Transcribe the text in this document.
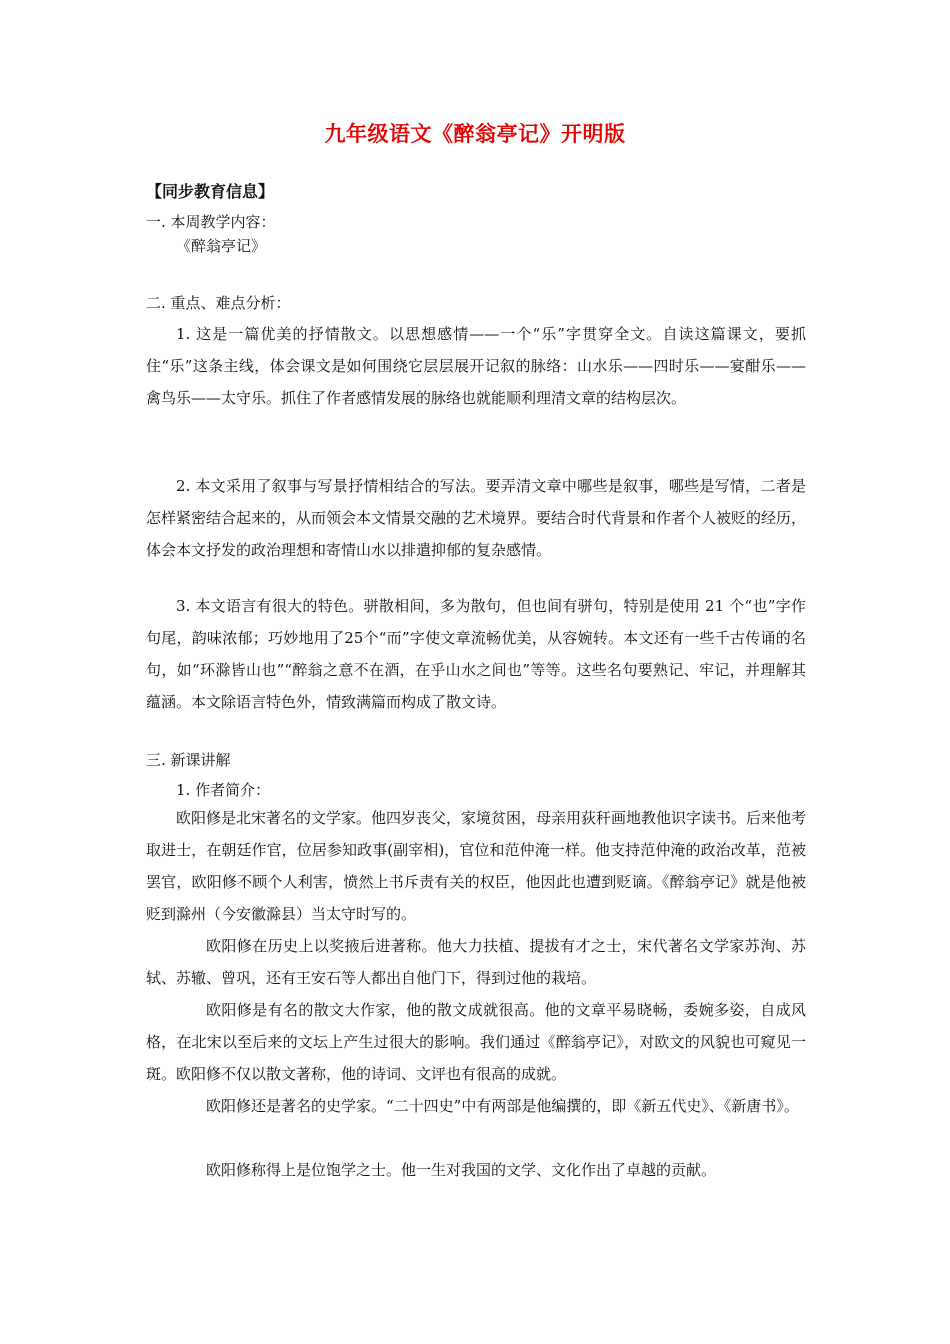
九年级语文《醉翁亭记》开明版
【同步教育信息】
一. 本周教学内容：
《醉翁亭记》
二. 重点、难点分析：
1. 这是一篇优美的抒情散文。以思想感情——一个“乐”字贯穿全文。自读这篇课文，要抓住“乐”这条主线，体会课文是如何围绕它层层展开记叙的脉络：山水乐——四时乐——宴酣乐——禽鸟乐——太守乐。抓住了作者感情发展的脉络也就能顺利理清文章的结构层次。
2. 本文采用了叙事与写景抒情相结合的写法。要弄清文章中哪些是叙事，哪些是写情，二者是怎样紧密结合起来的，从而领会本文情景交融的艺术境界。要结合时代背景和作者个人被贬的经历，体会本文抒发的政治理想和寄情山水以排遣抑郁的复杂感情。
3. 本文语言有很大的特色。骈散相间，多为散句，但也间有骈句，特别是使用 21 个“也”字作句尾，韵味浓郁；巧妙地用了25个“而”字使文章流畅优美，从容婉转。本文还有一些千古传诵的名句，如“环滁皆山也”“醉翁之意不在酒，在乎山水之间也”等等。这些名句要熟记、牢记，并理解其蕴涵。本文除语言特色外，情致满篇而构成了散文诗。
三. 新课讲解
1. 作者简介：
欧阳修是北宋著名的文学家。他四岁丧父，家境贫困，母亲用荻秆画地教他识字读书。后来他考取进士，在朝廷作官，位居参知政事(副宰相)，官位和范仲淹一样。他支持范仲淹的政治改革，范被罢官，欧阳修不顾个人利害，愤然上书斥责有关的权臣，他因此也遭到贬谪。《醉翁亭记》就是他被贬到滁州（今安徽滁县）当太守时写的。
欧阳修在历史上以奖掖后进著称。他大力扶植、提拔有才之士，宋代著名文学家苏洵、苏轼、苏辙、曾巩，还有王安石等人都出自他门下，得到过他的栽培。
欧阳修是有名的散文大作家，他的散文成就很高。他的文章平易晓畅，委婉多姿，自成风格，在北宋以至后来的文坛上产生过很大的影响。我们通过《醉翁亭记》，对欧文的风貌也可窥见一斑。欧阳修不仅以散文著称，他的诗词、文评也有很高的成就。
欧阳修还是著名的史学家。“二十四史”中有两部是他编撰的，即《新五代史》、《新唐书》。
欧阳修称得上是位饱学之士。他一生对我国的文学、文化作出了卓越的贡献。
